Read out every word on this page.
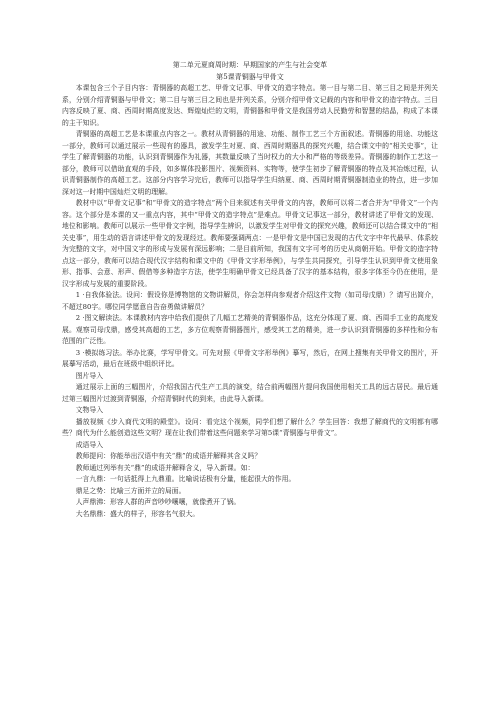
第二单元夏商周时期：早期国家的产生与社会变革

第5课青铜器与甲骨文

本课包含三个子目内容：青铜器的高超工艺、甲骨文记事、甲骨文的造字特点。第一目与第二目、第三目之间是并列关系，分别介绍青铜器与甲骨文；第二目与第三目之间也是并列关系，分别介绍甲骨文记载的内容和甲骨文的造字特点。三目内容反映了夏、商、西周时期高度发达、辉煌灿烂的文明，青铜器和甲骨文是我国劳动人民勤劳和智慧的结晶，构成了本课的主干知识。

青铜器的高超工艺是本课重点内容之一。教材从青铜器的用途、功能、制作工艺三个方面叙述。青铜器的用途、功能这一部分，教师可以通过展示一些现有的器具，激发学生对夏、商、西周时期器具的探究兴趣，结合课文中的“相关史事”，让学生了解青铜器的功能，认识到青铜器作为礼器，其数量反映了当时权力的大小和严格的等级差异。青铜器的制作工艺这一部分，教师可以借助直观的手段，如多媒体投影图片、视频资料、实物等，使学生初步了解青铜器的特点及其冶炼过程，认识青铜器制作的高超工艺。这部分内容学习完后，教师可以指导学生归纳夏、商、西周时期青铜器制造业的特点，进一步加深对这一时期中国灿烂文明的理解。

教材中以“甲骨文记事”和“甲骨文的造字特点”两个目来叙述有关甲骨文的内容，教师可以将二者合并为“甲骨文”一个内容。这个部分是本课的又一重点内容，其中“甲骨文的造字特点”是难点。甲骨文记事这一部分，教材讲述了甲骨文的发现、地位和影响。教师可以展示一些甲骨文字例，指导学生辨识，以激发学生对甲骨文的探究兴趣，教师还可以结合课文中的“相关史事”，用生动的语言讲述甲骨文的发现经过。教师要强调两点：一是甲骨文是中国已发现的古代文字中年代最早、体系较为完整的文字，对中国文字的形成与发展有深远影响；二是目前所知，我国有文字可考的历史从商朝开始。甲骨文的造字特点这一部分，教师可以结合现代汉字结构和课文中的《甲骨文字形举例》，与学生共同探究，引导学生认识到甲骨文使用象形、指事、会意、形声、假借等多种造字方法，使学生明确甲骨文已经具备了汉字的基本结构，很多字体至今仍在使用，是汉字形成与发展的重要阶段。

1 ·自我体验法。设问：假设你是博物馆的文物讲解员，你会怎样向参观者介绍这件文物（如司母戊鼎）？请写出简介，不超过80字。哪位同学愿意自告奋勇做讲解员？

2 ·图文解读法。本课教材内容中给我们提供了几幅工艺精美的青铜器作品，这充分体现了夏、商、西周手工业的高度发展。观察司母戊鼎，感受其高超的工艺，多方位观察青铜器图片，感受其工艺的精美，进一步认识到青铜器的多样性和分布范围的广泛性。

3 ·模拟练习法。举办比赛，学写甲骨文。可先对照《甲骨文字形举例》摹写，然后，在网上搜集有关甲骨文的图片，开展摹写活动，最后在班级中组织评比。

图片导入

通过展示上面的三幅图片，介绍我国古代生产工具的演变，结合前两幅图片提问我国使用相关工具的远古居民。最后通过第三幅图片过渡到青铜器，介绍青铜时代的到来，由此导入新课。

文物导入

播放视频《步入商代文明的殿堂》。设问：看完这个视频，同学们想了解什么？学生回答：我想了解商代的文明都有哪些？商代为什么能创造这些文明？现在让我们带着这些问题来学习第5课“青铜器与甲骨文”。

成语导入

教师提问：你能举出汉语中有关“鼎”的成语并解释其含义吗？

教师通过列举有关“鼎”的成语并解释含义，导入新课。如：

一言九鼎：一句话抵得上九鼎重。比喻说话极有分量，能起很大的作用。

鼎足之势：比喻三方面并立的局面。

人声鼎沸：形容人群的声音吵吵嚷嚷，就像煮开了锅。

大名鼎鼎：盛大的样子，形容名气很大。
